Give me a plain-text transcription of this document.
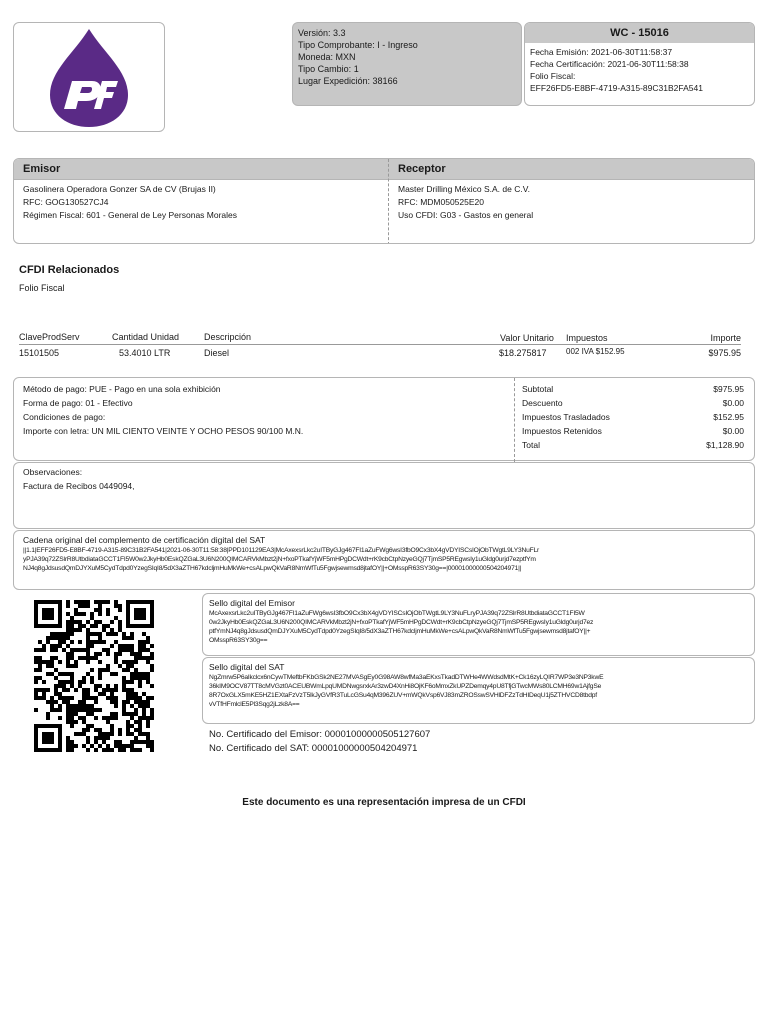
Versión: 3.3
Tipo Comprobante: I - Ingreso
Moneda: MXN
Tipo Cambio: 1
Lugar Expedición: 38166
WC - 15016
Fecha Emisión: 2021-06-30T11:58:37
Fecha Certificación: 2021-06-30T11:58:38
Folio Fiscal:
EFF26FD5-E8BF-4719-A315-89C31B2FA541
Emisor	Receptor
Gasolinera Operadora Gonzer SA de CV (Brujas II)
RFC: GOG130527CJ4
Régimen Fiscal: 601 - General de Ley Personas Morales
Master Drilling México S.A. de C.V.
RFC: MDM050525E20
Uso CFDI: G03 - Gastos en general
CFDI Relacionados
Folio Fiscal
ClaveProdServ	Cantidad Unidad	Descripción	Valor Unitario Impuestos	Importe
15101505	53.4010 LTR	Diesel	$18.275817 002 IVA $152.95	$975.95
Método de pago: PUE - Pago en una sola exhibición
Forma de pago: 01 - Efectivo
Condiciones de pago:
Importe con letra: UN MIL CIENTO VEINTE Y OCHO PESOS 90/100 M.N.
Subtotal	$975.95
Descuento	$0.00
Impuestos Trasladados	$152.95
Impuestos Retenidos	$0.00
Total	$1,128.90
Observaciones:
Factura de Recibos 0449094,
Cadena original del complemento de certificación digital del SAT
||1.1|EFF26FD5-E8BF-4719-A315-89C31B2FA541|2021-06-30T11:58:38|PPD101129EA3|McAxexsrLkc2uITByGJg467FI1aZuFWg6wsI3fbO9Cx3bX4gVDYISCsIOjObTWgtL9LY3NuFLr
yPJA39q72ZSlrR8UtbdiataGCCT1FI5W0w2JkyHb0EskQZGaL3U6N200QIMCARVkMbzt2jN+fxoPTkafYjWF5mHPgDCWdt+rK9cbCtpNzyeGQj7TjmSP5REgwsIy1uGldg0urjd7ezptfYm
NJ4q8gJdsusdQmDJYXuM5CydTdpd0YzegSIqI8/5dX3aZTH67kdcljmHuMkWe+csALpwQkVaR8NmWfTu5Fgwjsewmsd8jtafOY||+OMsspR63SY30g==|00001000000504204971||
Sello digital del Emisor
McAxexsrLkc2uITByGJg467FI1aZuFWg6wsI3fbO9Cx3bX4gVDYISCsIOjObTWgtL9LY3NuFLryPJA39q72ZSlrR8UtbdiataGCCT1FI5W
0w2JkyHb0EskQZGaL3U6N200QIMCARVkMbzt2jN+fxoPTkafYjWF5mHPgDCWdt+rK9cbCtpNzyeGQj7TjmSP5REgwsIy1uGldg0urjd7ez
ptfYmNJ4q8gJdsusdQmDJYXuM5CydTdpd0YzegSIqI8/5dX3aZTH67kdcljmHuMkWe+csALpwQkVaR8NmWfTu5Fgwjsewmsd8jtafOY||+
OMsspR63SY30g==
Sello digital del SAT
NgZmrw5P6aIkclcx6nCywTMeftbFKbGSk2NE27MVASgEy0G98AW8wfMa3aEKxsTkadDTWHe4WWdsdMtK+Ck16zyLQIR7WP3e3NP3kwE
36kIM9OCV87TT8cMVGzt0ACEUBWmLpqUMDNwgsrxkAr3zwD4XnHi8OjKF6oMmxZkUPZDemqy4pU8TfjGTwcMWs80LCMH69w1AjfgSe
8R7OxGLX5mKE5HZ1EXtaFzVzT5lkJyGVfR3TuLcGSu4qM396ZUV+mWQkVsp6VJ83mZROSswSVHlDFZzTdHIDeqU1j5ZTHVCD8tbdpf
vVTfHFmlclE5Pl3Sqg2jLzk8A==
No. Certificado del Emisor: 00001000000505127607
No. Certificado del SAT: 00001000000504204971
Este documento es una representación impresa de un CFDI
